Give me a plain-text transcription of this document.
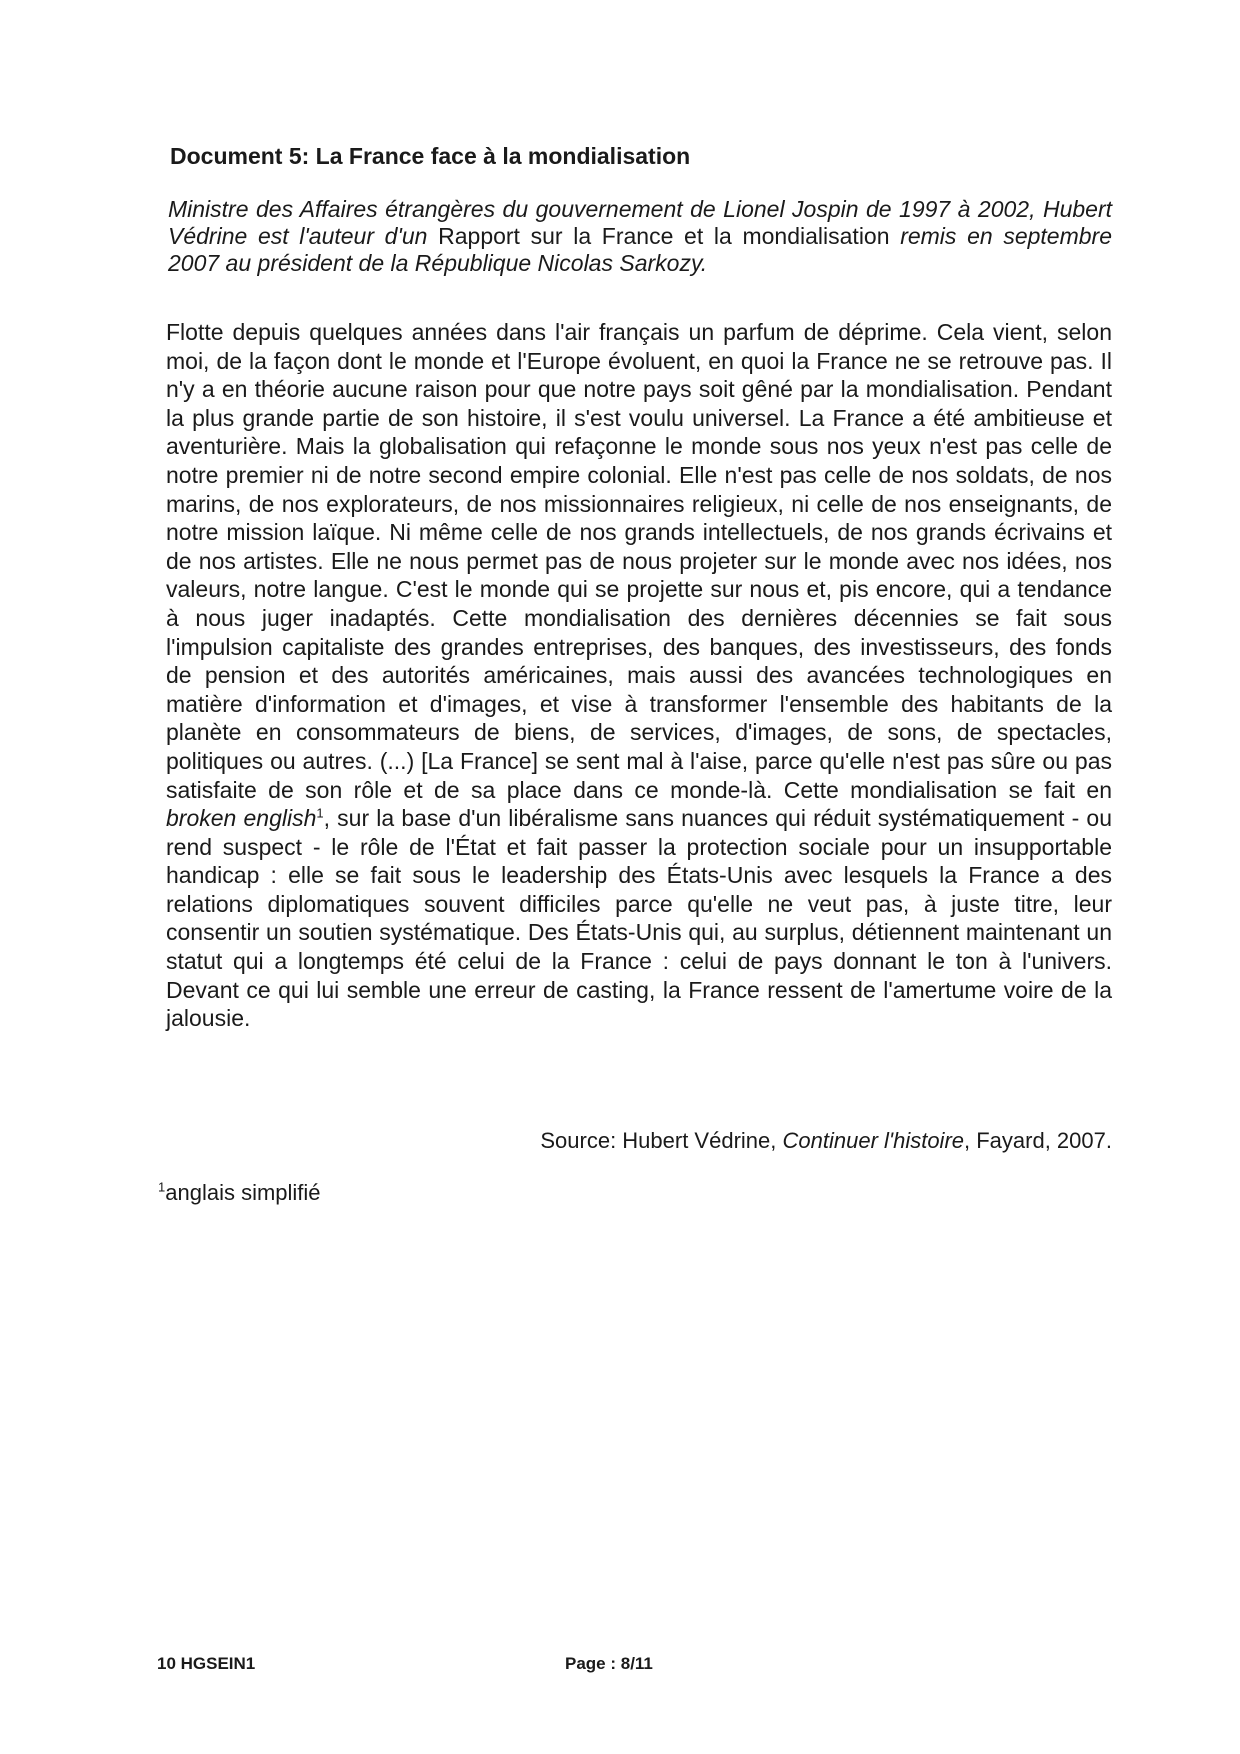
Document 5: La France face à la mondialisation

Ministre des Affaires étrangères du gouvernement de Lionel Jospin de 1997 à 2002, Hubert Védrine est l'auteur d'un Rapport sur la France et la mondialisation remis en septembre 2007 au président de la République Nicolas Sarkozy.

Flotte depuis quelques années dans l'air français un parfum de déprime. Cela vient, selon moi, de la façon dont le monde et l'Europe évoluent, en quoi la France ne se retrouve pas. Il n'y a en théorie aucune raison pour que notre pays soit gêné par la mondialisation. Pendant la plus grande partie de son histoire, il s'est voulu universel. La France a été ambitieuse et aventurière. Mais la globalisation qui refaçonne le monde sous nos yeux n'est pas celle de notre premier ni de notre second empire colonial. Elle n'est pas celle de nos soldats, de nos marins, de nos explorateurs, de nos missionnaires religieux, ni celle de nos enseignants, de notre mission laïque. Ni même celle de nos grands intellectuels, de nos grands écrivains et de nos artistes. Elle ne nous permet pas de nous projeter sur le monde avec nos idées, nos valeurs, notre langue. C'est le monde qui se projette sur nous et, pis encore, qui a tendance à nous juger inadaptés. Cette mondialisation des dernières décennies se fait sous l'impulsion capitaliste des grandes entreprises, des banques, des investisseurs, des fonds de pension et des autorités américaines, mais aussi des avancées technologiques en matière d'information et d'images, et vise à transformer l'ensemble des habitants de la planète en consommateurs de biens, de services, d'images, de sons, de spectacles, politiques ou autres. (...) [La France] se sent mal à l'aise, parce qu'elle n'est pas sûre ou pas satisfaite de son rôle et de sa place dans ce monde-là. Cette mondialisation se fait en broken english$^1$, sur la base d'un libéralisme sans nuances qui réduit systématiquement - ou rend suspect - le rôle de l'État et fait passer la protection sociale pour un insupportable handicap : elle se fait sous le leadership des États-Unis avec lesquels la France a des relations diplomatiques souvent difficiles parce qu'elle ne veut pas, à juste titre, leur consentir un soutien systématique. Des États-Unis qui, au surplus, détiennent maintenant un statut qui a longtemps été celui de la France : celui de pays donnant le ton à l'univers. Devant ce qui lui semble une erreur de casting, la France ressent de l'amertume voire de la jalousie.

Source: Hubert Védrine, Continuer l'histoire, Fayard, 2007.

$^1$anglais simplifié

10 HGSEIN1	Page : 8/11
